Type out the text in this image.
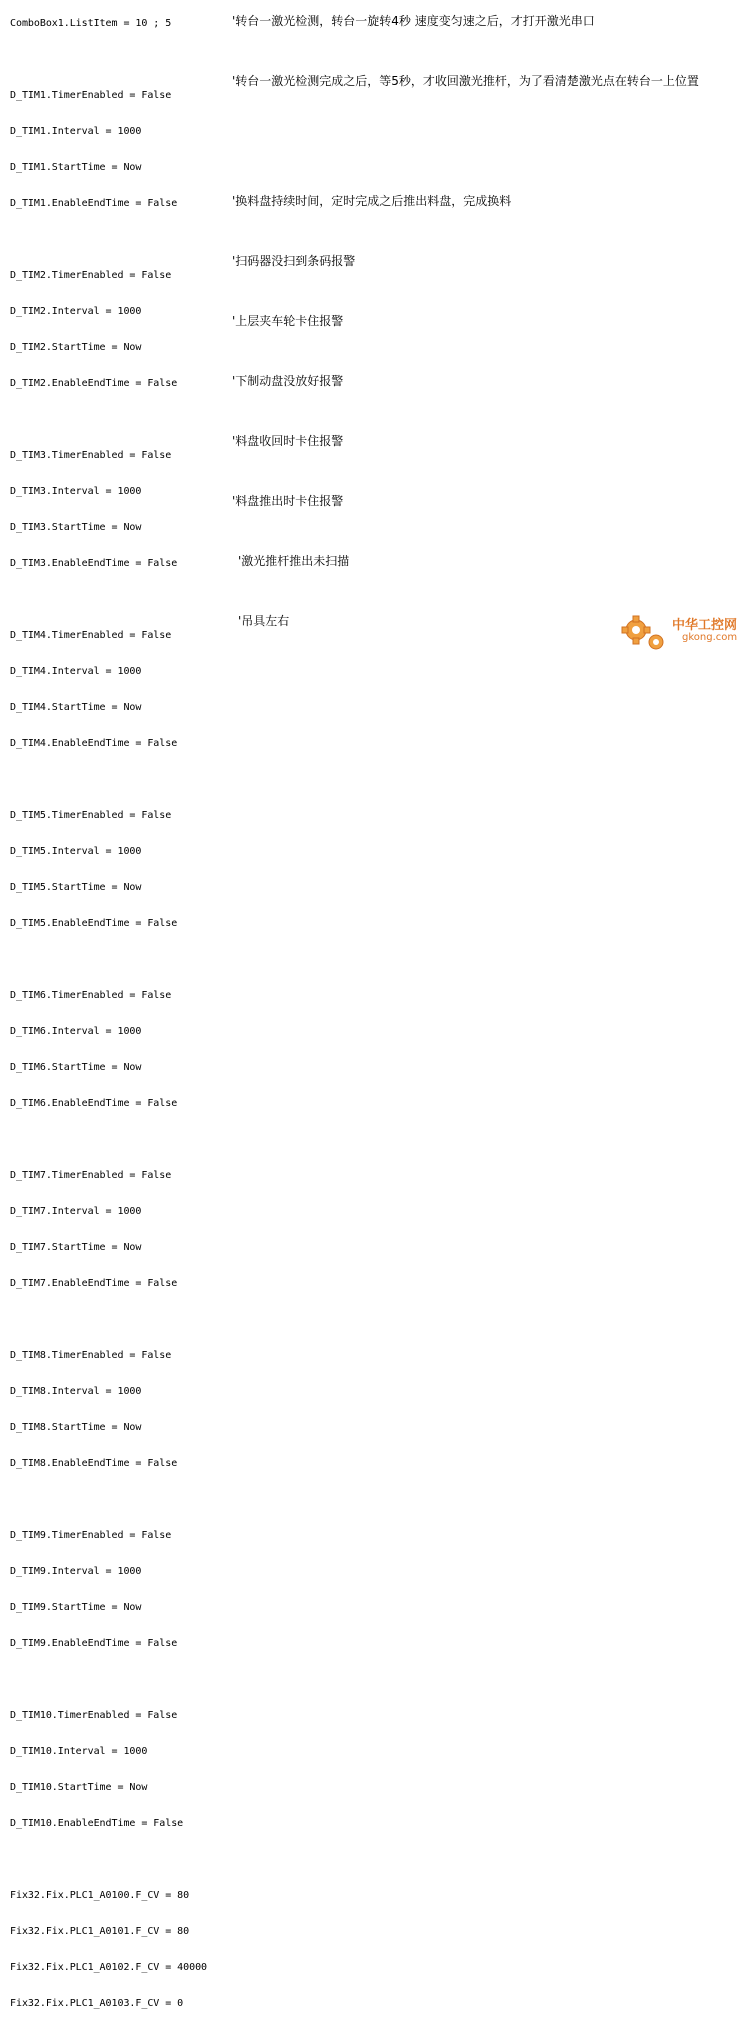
ComboBox1.ListItem = 10 ; 5

D_TIM1.TimerEnabled = False

D_TIM1.Interval = 1000

D_TIM1.StartTime = Now

D_TIM1.EnableEndTime = False

D_TIM2.TimerEnabled = False

D_TIM2.Interval = 1000

D_TIM2.StartTime = Now

D_TIM2.EnableEndTime = False

D_TIM3.TimerEnabled = False

D_TIM3.Interval = 1000

D_TIM3.StartTime = Now

D_TIM3.EnableEndTime = False

D_TIM4.TimerEnabled = False

D_TIM4.Interval = 1000

D_TIM4.StartTime = Now

D_TIM4.EnableEndTime = False

D_TIM5.TimerEnabled = False

D_TIM5.Interval = 1000

D_TIM5.StartTime = Now

D_TIM5.EnableEndTime = False

D_TIM6.TimerEnabled = False

D_TIM6.Interval = 1000

D_TIM6.StartTime = Now

D_TIM6.EnableEndTime = False

D_TIM7.TimerEnabled = False

D_TIM7.Interval = 1000

D_TIM7.StartTime = Now

D_TIM7.EnableEndTime = False

D_TIM8.TimerEnabled = False

D_TIM8.Interval = 1000

D_TIM8.StartTime = Now

D_TIM8.EnableEndTime = False

D_TIM9.TimerEnabled = False

D_TIM9.Interval = 1000

D_TIM9.StartTime = Now

D_TIM9.EnableEndTime = False

D_TIM10.TimerEnabled = False

D_TIM10.Interval = 1000

D_TIM10.StartTime = Now

D_TIM10.EnableEndTime = False

Fix32.Fix.PLC1_A0100.F_CV = 80

Fix32.Fix.PLC1_A0101.F_CV = 80

Fix32.Fix.PLC1_A0102.F_CV = 40000

Fix32.Fix.PLC1_A0103.F_CV = 0

'转台一激光检测，转台一旋转4秒 速度变匀速之后，才打开激光串口
'转台一激光检测完成之后，等5秒，才收回激光推杆，为了看清楚激光点在转台一上位置
'换料盘持续时间，定时完成之后推出料盘，完成换料
'扫码器没扫到条码报警
'上层夹车轮卡住报警
'下制动盘没放好报警
'料盘收回时卡住报警
'料盘推出时卡住报警
'激光推杆推出未扫描
'吊具左右	中华工控网
gkong.com
